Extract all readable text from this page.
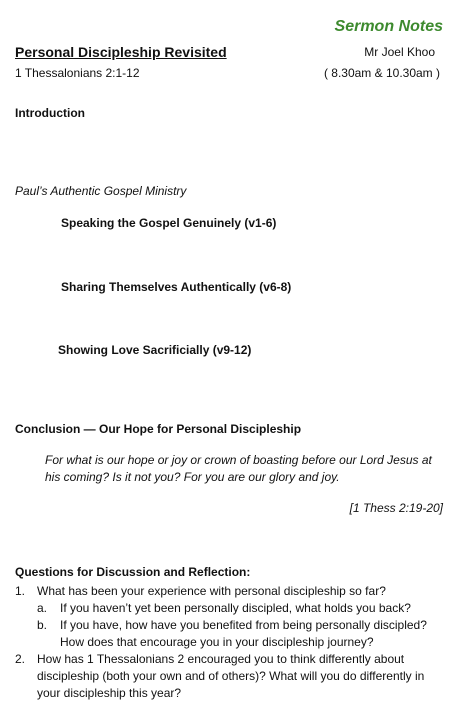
Sermon Notes
Personal Discipleship Revisited
1 Thessalonians 2:1-12
Mr Joel Khoo
( 8.30am & 10.30am )
Introduction
Paul’s Authentic Gospel Ministry
Speaking the Gospel Genuinely (v1-6)
Sharing Themselves Authentically (v6-8)
Showing Love Sacrificially (v9-12)
Conclusion — Our Hope for Personal Discipleship
For what is our hope or joy or crown of boasting before our Lord Jesus at his coming? Is it not you? For you are our glory and joy.
[1 Thess 2:19-20]
Questions for Discussion and Reflection:
1. What has been your experience with personal discipleship so far?
a. If you haven’t yet been personally discipled, what holds you back?
b. If you have, how have you benefited from being personally discipled? How does that encourage you in your discipleship journey?
2. How has 1 Thessalonians 2 encouraged you to think differently about discipleship (both your own and of others)? What will you do differently in your discipleship this year?
